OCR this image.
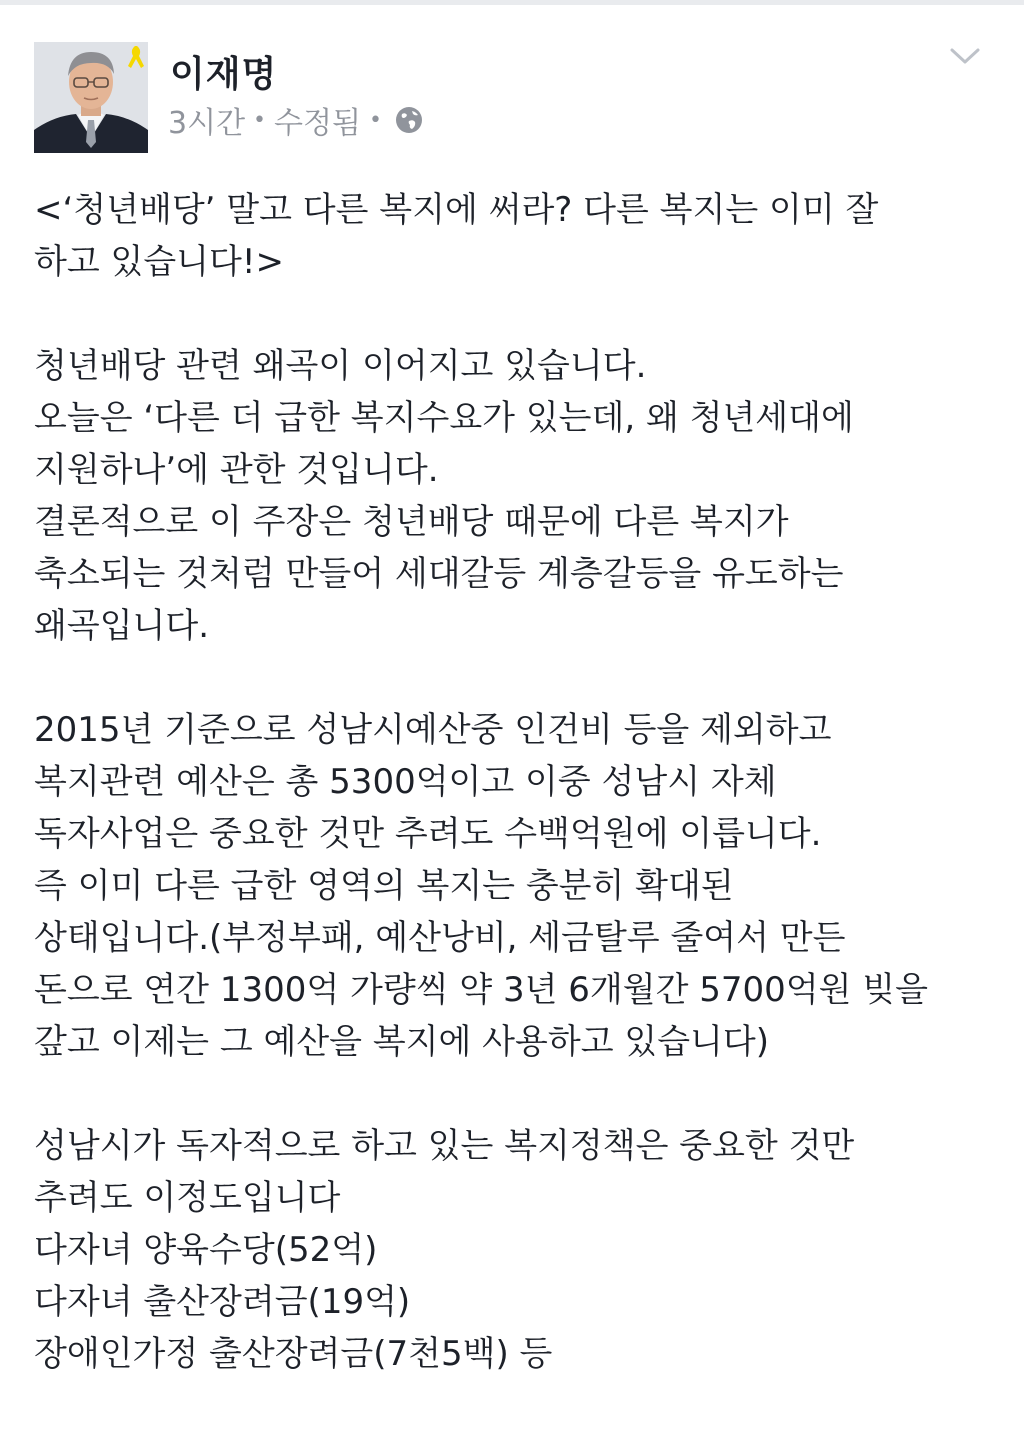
이재명
3시간 • 수정됨 •
<‘청년배당’ 말고 다른 복지에 써라? 다른 복지는 이미 잘
하고 있습니다!>
청년배당 관련 왜곡이 이어지고 있습니다.
오늘은 ‘다른 더 급한 복지수요가 있는데, 왜 청년세대에
지원하나’에 관한 것입니다.
결론적으로 이 주장은 청년배당 때문에 다른 복지가
축소되는 것처럼 만들어 세대갈등 계층갈등을 유도하는
왜곡입니다.
2015년 기준으로 성남시예산중 인건비 등을 제외하고
복지관련 예산은 총 5300억이고 이중 성남시 자체
독자사업은 중요한 것만 추려도 수백억원에 이릅니다.
즉 이미 다른 급한 영역의 복지는 충분히 확대된
상태입니다.(부정부패, 예산낭비, 세금탈루 줄여서 만든
돈으로 연간 1300억 가량씩 약 3년 6개월간 5700억원 빚을
갚고 이제는 그 예산을 복지에 사용하고 있습니다)
성남시가 독자적으로 하고 있는 복지정책은 중요한 것만
추려도 이정도입니다
다자녀 양육수당(52억)
다자녀 출산장려금(19억)
장애인가정 출산장려금(7천5백) 등
